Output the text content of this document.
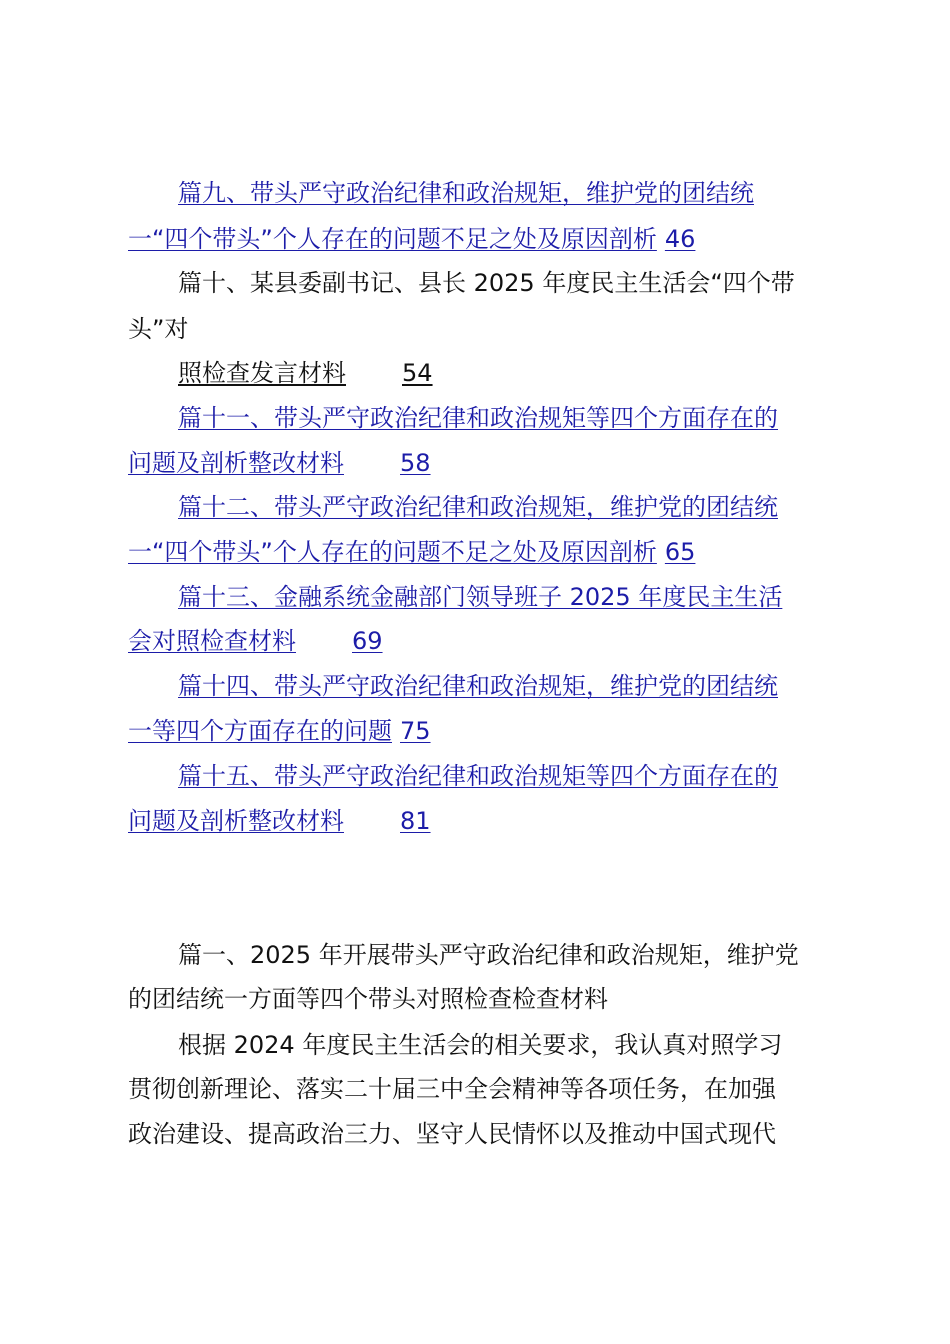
篇九、带头严守政治纪律和政治规矩，维护党的团结统
一“四个带头”个人存在的问题不足之处及原因剖析 46
篇十、某县委副书记、县长 2025 年度民主生活会“四个带
头”对
照检查发言材料 54
篇十一、带头严守政治纪律和政治规矩等四个方面存在的
问题及剖析整改材料 58
篇十二、带头严守政治纪律和政治规矩，维护党的团结统
一“四个带头”个人存在的问题不足之处及原因剖析 65
篇十三、金融系统金融部门领导班子 2025 年度民主生活
会对照检查材料 69
篇十四、带头严守政治纪律和政治规矩，维护党的团结统
一等四个方面存在的问题 75
篇十五、带头严守政治纪律和政治规矩等四个方面存在的
问题及剖析整改材料 81
篇一、2025 年开展带头严守政治纪律和政治规矩，维护党
的团结统一方面等四个带头对照检查检查材料
根据 2024 年度民主生活会的相关要求，我认真对照学习
贯彻创新理论、落实二十届三中全会精神等各项任务，在加强
政治建设、提高政治三力、坚守人民情怀以及推动中国式现代
